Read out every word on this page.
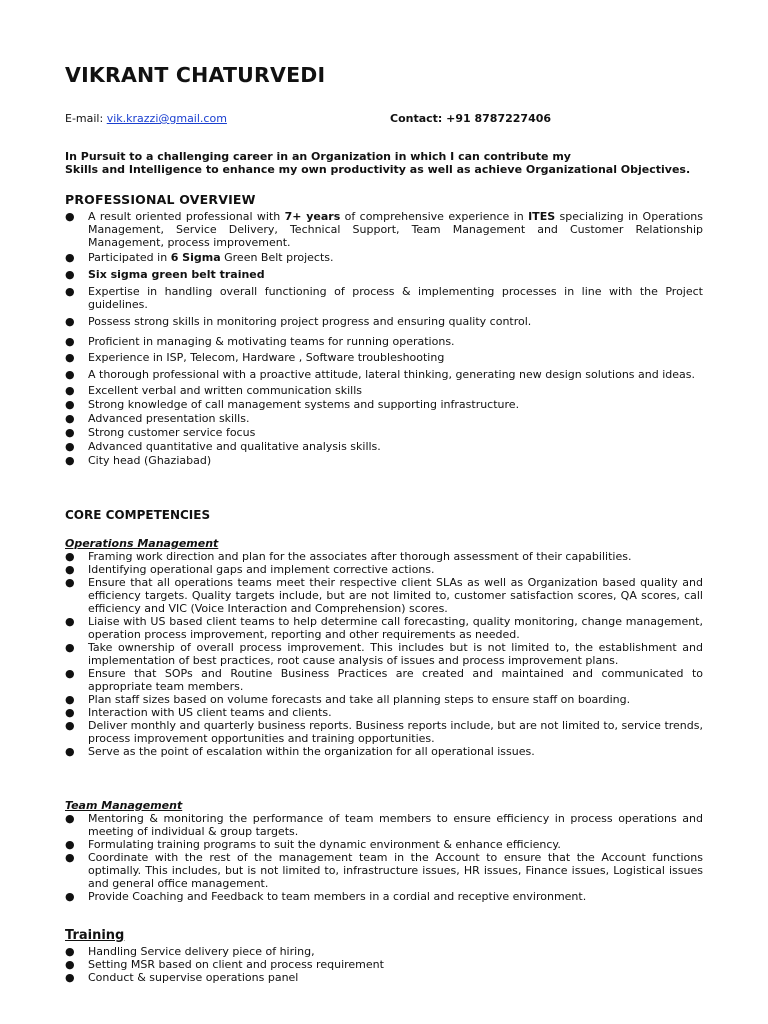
VIKRANT CHATURVEDI
E-mail: vik.krazzi@gmail.com	Contact: +91 8787227406
In Pursuit to a challenging career in an Organization in which I can contribute my
Skills and Intelligence to enhance my own productivity as well as achieve Organizational Objectives.
PROFESSIONAL OVERVIEW
● A result oriented professional with 7+ years of comprehensive experience in ITES specializing in Operations Management, Service Delivery, Technical Support, Team Management and Customer Relationship Management, process improvement.
● Participated in 6 Sigma Green Belt projects.
● Six sigma green belt trained
● Expertise in handling overall functioning of process & implementing processes in line with the Project guidelines.
● Possess strong skills in monitoring project progress and ensuring quality control.
● Proficient in managing & motivating teams for running operations.
● Experience in ISP, Telecom, Hardware , Software troubleshooting
● A thorough professional with a proactive attitude, lateral thinking, generating new design solutions and ideas.
● Excellent verbal and written communication skills
● Strong knowledge of call management systems and supporting infrastructure.
● Advanced presentation skills.
● Strong customer service focus
● Advanced quantitative and qualitative analysis skills.
● City head (Ghaziabad)
CORE COMPETENCIES
Operations Management
● Framing work direction and plan for the associates after thorough assessment of their capabilities.
● Identifying operational gaps and implement corrective actions.
● Ensure that all operations teams meet their respective client SLAs as well as Organization based quality and efficiency targets. Quality targets include, but are not limited to, customer satisfaction scores, QA scores, call efficiency and VIC (Voice Interaction and Comprehension) scores.
● Liaise with US based client teams to help determine call forecasting, quality monitoring, change management, operation process improvement, reporting and other requirements as needed.
● Take ownership of overall process improvement. This includes but is not limited to, the establishment and implementation of best practices, root cause analysis of issues and process improvement plans.
● Ensure that SOPs and Routine Business Practices are created and maintained and communicated to appropriate team members.
● Plan staff sizes based on volume forecasts and take all planning steps to ensure staff on boarding.
● Interaction with US client teams and clients.
● Deliver monthly and quarterly business reports. Business reports include, but are not limited to, service trends, process improvement opportunities and training opportunities.
● Serve as the point of escalation within the organization for all operational issues.
Team Management
● Mentoring & monitoring the performance of team members to ensure efficiency in process operations and meeting of individual & group targets.
● Formulating training programs to suit the dynamic environment & enhance efficiency.
● Coordinate with the rest of the management team in the Account to ensure that the Account functions optimally. This includes, but is not limited to, infrastructure issues, HR issues, Finance issues, Logistical issues and general office management.
● Provide Coaching and Feedback to team members in a cordial and receptive environment.
Training
● Handling Service delivery piece of hiring,
● Setting MSR based on client and process requirement
● Conduct & supervise operations panel
